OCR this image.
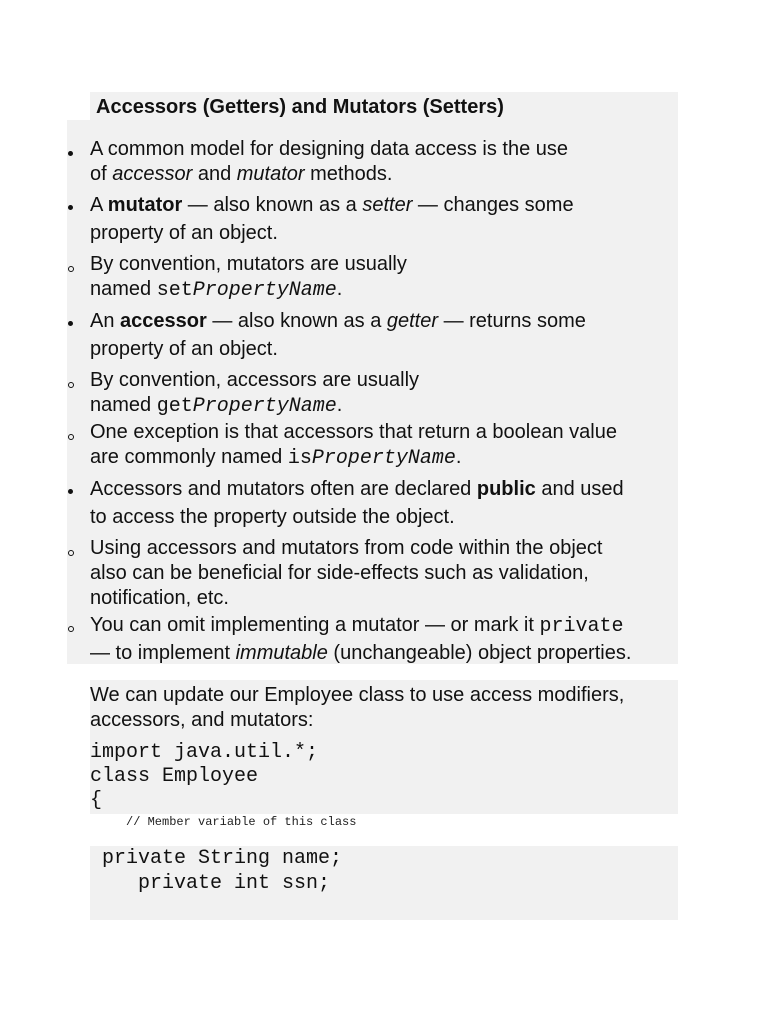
Accessors (Getters) and Mutators (Setters)
A common model for designing data access is the use
of accessor and mutator methods.
A mutator — also known as a setter — changes some
property of an object.
By convention, mutators are usually
named setPropertyName.
An accessor — also known as a getter — returns some
property of an object.
By convention, accessors are usually
named getPropertyName.
One exception is that accessors that return a boolean value
are commonly named isPropertyName.
Accessors and mutators often are declared public and used
to access the property outside the object.
Using accessors and mutators from code within the object
also can be beneficial for side-effects such as validation,
notification, etc.
You can omit implementing a mutator — or mark it private
— to implement immutable (unchangeable) object properties.
We can update our Employee class to use access modifiers,
accessors, and mutators:
import java.util.*;
class Employee
{
// Member variable of this class
private String name;
private int ssn;
